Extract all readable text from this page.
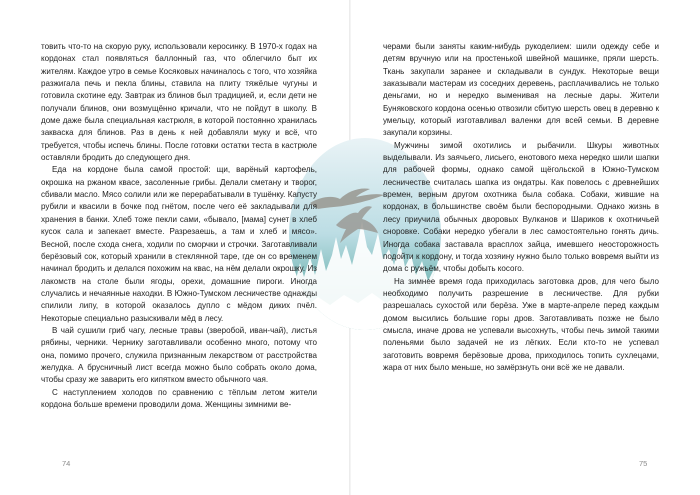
товить что-то на скорую руку, использовали керосинку. В 1970-х годах на кордонах стал появляться баллонный газ, что облегчило быт их жителям. Каждое утро в семье Косяковых начиналось с того, что хозяйка разжигала печь и пекла блины, ставила на плиту тяжёлые чугуны и готовила скотине еду. Завтрак из блинов был традицией, и, если дети не получали блинов, они возмущённо кричали, что не пойдут в школу. В доме даже была специальная кастрюля, в которой постоянно хранилась закваска для блинов. Раз в день к ней добавляли муку и всё, что требуется, чтобы испечь блины. После готовки остатки теста в кастрюле оставляли бродить до следующего дня.

Еда на кордоне была самой простой: щи, варёный картофель, окрошка на ржаном квасе, засоленные грибы. Делали сметану и творог, сбивали масло. Мясо солили или же перерабатывали в тушёнку. Капусту рубили и квасили в бочке под гнётом, после чего её закладывали для хранения в банки. Хлеб тоже пекли сами, «бывало, [мама] сунет в хлеб кусок сала и запекает вместе. Разрезаешь, а там и хлеб и мясо». Весной, после схода снега, ходили по сморчки и строчки. Заготавливали берёзовый сок, который хранили в стеклянной таре, где он со временем начинал бродить и делался похожим на квас, на нём делали окрошку. Из лакомств на столе были ягоды, орехи, домашние пироги. Иногда случались и нечаянные находки. В Южно-Тумском лесничестве однажды спилили липу, в которой оказалось дупло с мёдом диких пчёл. Некоторые специально разыскивали мёд в лесу.

В чай сушили гриб чагу, лесные травы (зверобой, иван-чай), листья рябины, черники. Чернику заготавливали особенно много, потому что она, помимо прочего, служила признанным лекарством от расстройства желудка. А брусничный лист всегда можно было собрать около дома, чтобы сразу же заварить его кипятком вместо обычного чая.

С наступлением холодов по сравнению с тёплым летом жители кордона больше времени проводили дома. Женщины зимними ве-

74

черами были заняты каким-нибудь рукоделием: шили одежду себе и детям вручную или на простенькой швейной машинке, пряли шерсть. Ткань закупали заранее и складывали в сундук. Некоторые вещи заказывали мастерам из соседних деревень, расплачивались не только деньгами, но и нередко выменивая на лесные дары. Жители Буняковского кордона осенью отвозили сбитую шерсть овец в деревню к умельцу, который изготавливал валенки для всей семьи. В деревне закупали корзины.

Мужчины зимой охотились и рыбачили. Шкуры животных выделывали. Из заячьего, лисьего, енотового меха нередко шили шапки для рабочей формы, однако самой щёгольской в Южно-Тумском лесничестве считалась шапка из ондатры. Как повелось с древнейших времен, верным другом охотника была собака. Собаки, жившие на кордонах, в большинстве своём были беспородными. Однако жизнь в лесу приучила обычных дворовых Вулканов и Шариков к охотничьей сноровке. Собаки нередко убегали в лес самостоятельно гонять дичь. Иногда собака заставала врасплох зайца, имевшего неосторожность подойти к кордону, и тогда хозяину нужно было только вовремя выйти из дома с ружьём, чтобы добыть косого.

На зимнее время года приходилась заготовка дров, для чего было необходимо получить разрешение в лесничестве. Для рубки разрешалась сухостой или берёза. Уже в марте-апреле перед каждым домом высились большие горы дров. Заготавливать позже не было смысла, иначе дрова не успевали высохнуть, чтобы печь зимой такими поленьями было задачей не из лёгких. Если кто-то не успевал заготовить вовремя берёзовые дрова, приходилось топить сухлецами, жара от них было меньше, но замёрзнуть они всё же не давали.

75
